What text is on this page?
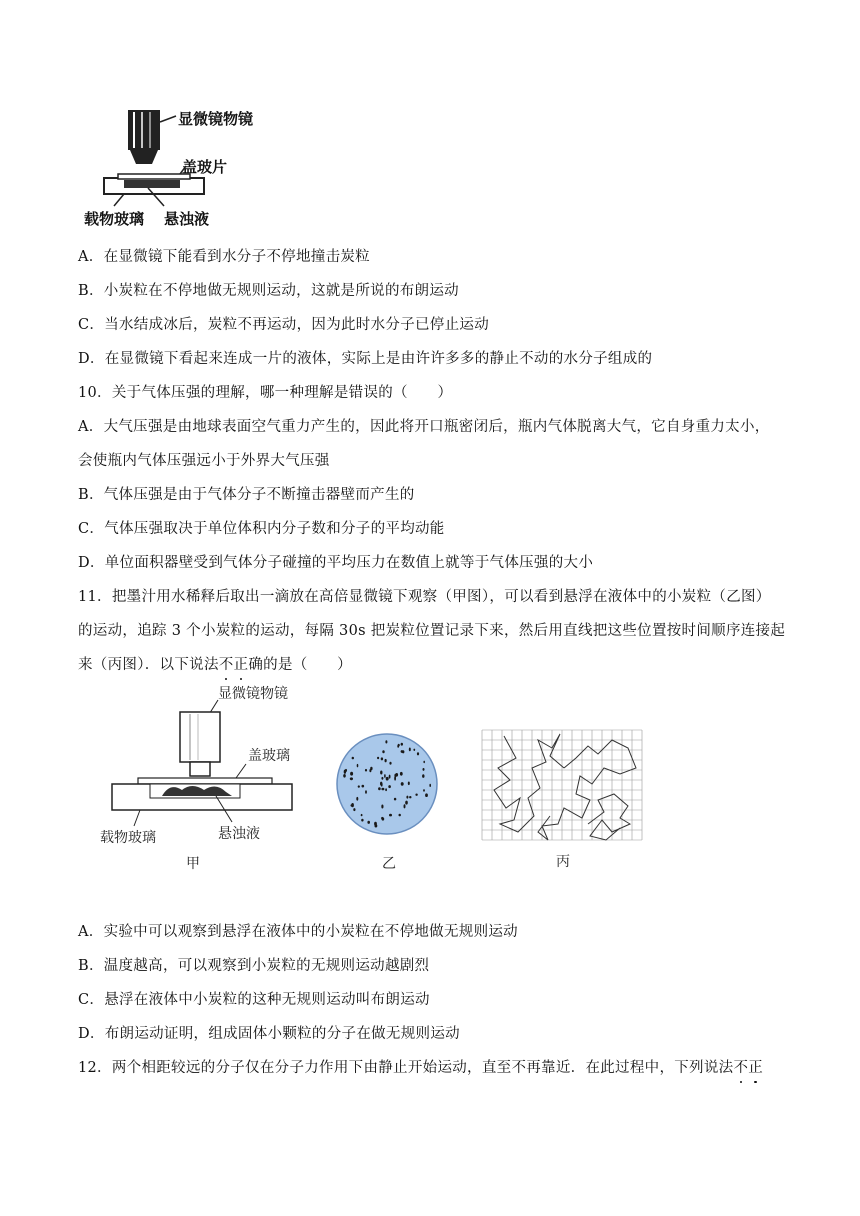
显微镜物镜
盖玻片
载物玻璃 悬浊液
A．在显微镜下能看到水分子不停地撞击炭粒
B．小炭粒在不停地做无规则运动，这就是所说的布朗运动
C．当水结成冰后，炭粒不再运动，因为此时水分子已停止运动
D．在显微镜下看起来连成一片的液体，实际上是由许许多多的静止不动的水分子组成的
10．关于气体压强的理解，哪一种理解是错误的（　　）
A．大气压强是由地球表面空气重力产生的，因此将开口瓶密闭后，瓶内气体脱离大气，它自身重力太小，
会使瓶内气体压强远小于外界大气压强
B．气体压强是由于气体分子不断撞击器壁而产生的
C．气体压强取决于单位体积内分子数和分子的平均动能
D．单位面积器壁受到气体分子碰撞的平均压力在数值上就等于气体压强的大小
11．把墨汁用水稀释后取出一滴放在高倍显微镜下观察（甲图），可以看到悬浮在液体中的小炭粒（乙图）
的运动，追踪 3 个小炭粒的运动，每隔 30s 把炭粒位置记录下来，然后用直线把这些位置按时间顺序连接起
来（丙图）．以下说法不正确的是（　　）
显微镜物镜
盖玻璃
载物玻璃	悬浊液
甲	乙	丙
A．实验中可以观察到悬浮在液体中的小炭粒在不停地做无规则运动
B．温度越高，可以观察到小炭粒的无规则运动越剧烈
C．悬浮在液体中小炭粒的这种无规则运动叫布朗运动
D．布朗运动证明，组成固体小颗粒的分子在做无规则运动
12．两个相距较远的分子仅在分子力作用下由静止开始运动，直至不再靠近．在此过程中，下列说法不正
